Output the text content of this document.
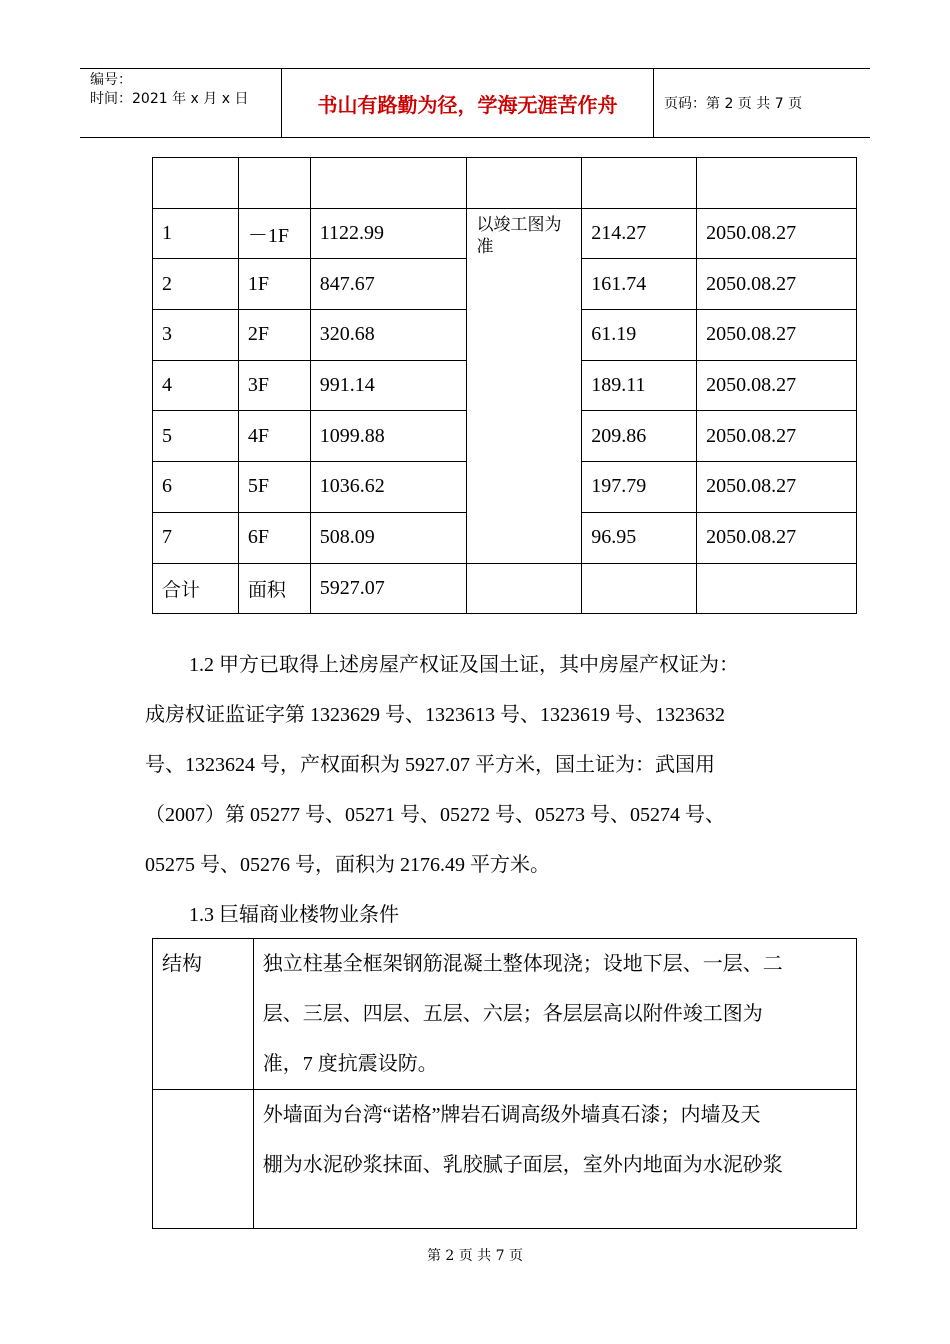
编号：
时间：2021 年 x 月 x 日	书山有路勤为径，学海无涯苦作舟	页码：第 2 页 共 7 页

1	－1F	1122.99	以竣工图为准	214.27	2050.08.27
2	1F	847.67		161.74	2050.08.27
3	2F	320.68		61.19	2050.08.27
4	3F	991.14		189.11	2050.08.27
5	4F	1099.88		209.86	2050.08.27
6	5F	1036.62		197.79	2050.08.27
7	6F	508.09		96.95	2050.08.27
合计	面积	5927.07			
1.2 甲方已取得上述房屋产权证及国土证，其中房屋产权证为：
成房权证监证字第 1323629 号、1323613 号、1323619 号、1323632
号、1323624 号，产权面积为 5927.07 平方米，国土证为：武国用
（2007）第 05277 号、05271 号、05272 号、05273 号、05274 号、
05275 号、05276 号，面积为 2176.49 平方米。
1.3 巨辐商业楼物业条件
结构	独立柱基全框架钢筋混凝土整体现浇；设地下层、一层、二
层、三层、四层、五层、六层；各层层高以附件竣工图为
准，7 度抗震设防。

	外墙面为台湾“诺格”牌岩石调高级外墙真石漆；内墙及天
棚为水泥砂浆抹面、乳胶腻子面层，室外内地面为水泥砂浆
第 2 页 共 7 页
